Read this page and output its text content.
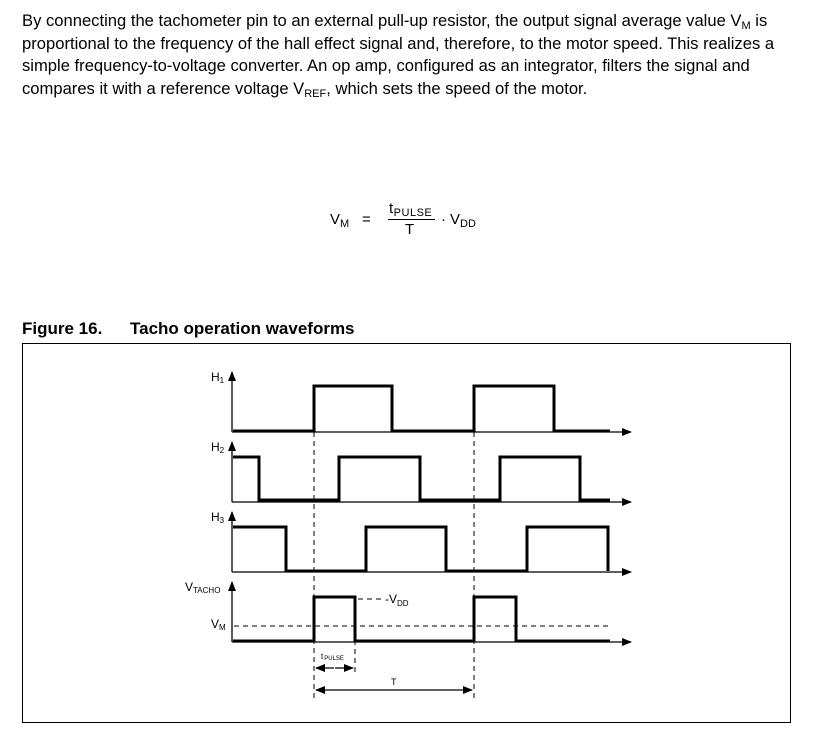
By connecting the tachometer pin to an external pull-up resistor, the output signal average value $V_M$ is proportional to the frequency of the hall effect signal and, therefore, to the motor speed. This realizes a simple frequency-to-voltage converter. An op amp, configured as an integrator, filters the signal and compares it with a reference voltage $V_{REF}$, which sets the speed of the motor.

$V_M$ =
$t_{PULSE}$
T
· $V_{DD}$

Figure 16. Tacho operation waveforms

H1
H2
H3
VTACHO
VM
$-V_{DD}$
tPULSE
T
